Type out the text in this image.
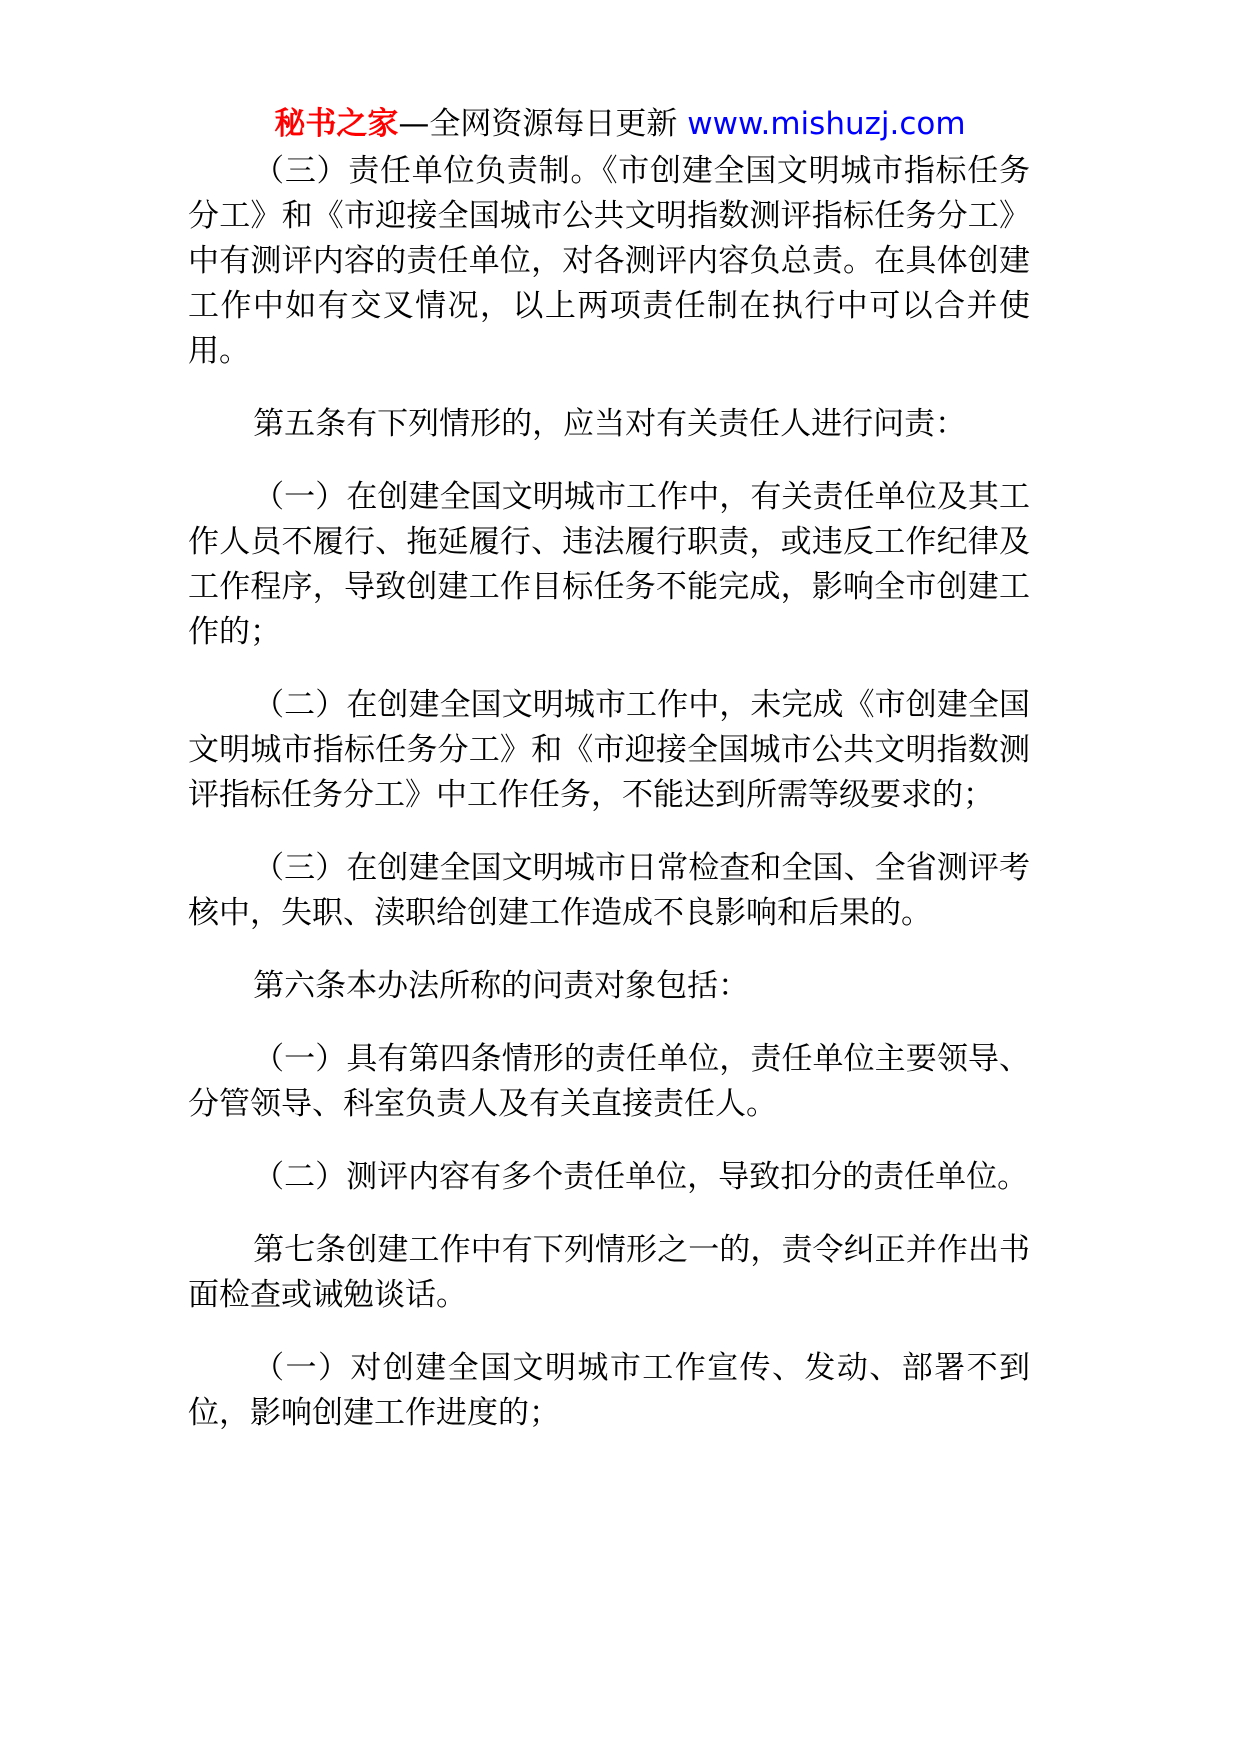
秘书之家—全网资源每日更新 www.mishuzj.com

（三）责任单位负责制。《市创建全国文明城市指标任务分工》和《市迎接全国城市公共文明指数测评指标任务分工》中有测评内容的责任单位，对各测评内容负总责。在具体创建工作中如有交叉情况，以上两项责任制在执行中可以合并使用。

第五条有下列情形的，应当对有关责任人进行问责：

（一）在创建全国文明城市工作中，有关责任单位及其工作人员不履行、拖延履行、违法履行职责，或违反工作纪律及工作程序，导致创建工作目标任务不能完成，影响全市创建工作的；

（二）在创建全国文明城市工作中，未完成《市创建全国文明城市指标任务分工》和《市迎接全国城市公共文明指数测评指标任务分工》中工作任务，不能达到所需等级要求的；

（三）在创建全国文明城市日常检查和全国、全省测评考核中，失职、渎职给创建工作造成不良影响和后果的。

第六条本办法所称的问责对象包括：

（一）具有第四条情形的责任单位，责任单位主要领导、分管领导、科室负责人及有关直接责任人。

（二）测评内容有多个责任单位，导致扣分的责任单位。

第七条创建工作中有下列情形之一的，责令纠正并作出书面检查或诫勉谈话。

（一）对创建全国文明城市工作宣传、发动、部署不到位，影响创建工作进度的；
